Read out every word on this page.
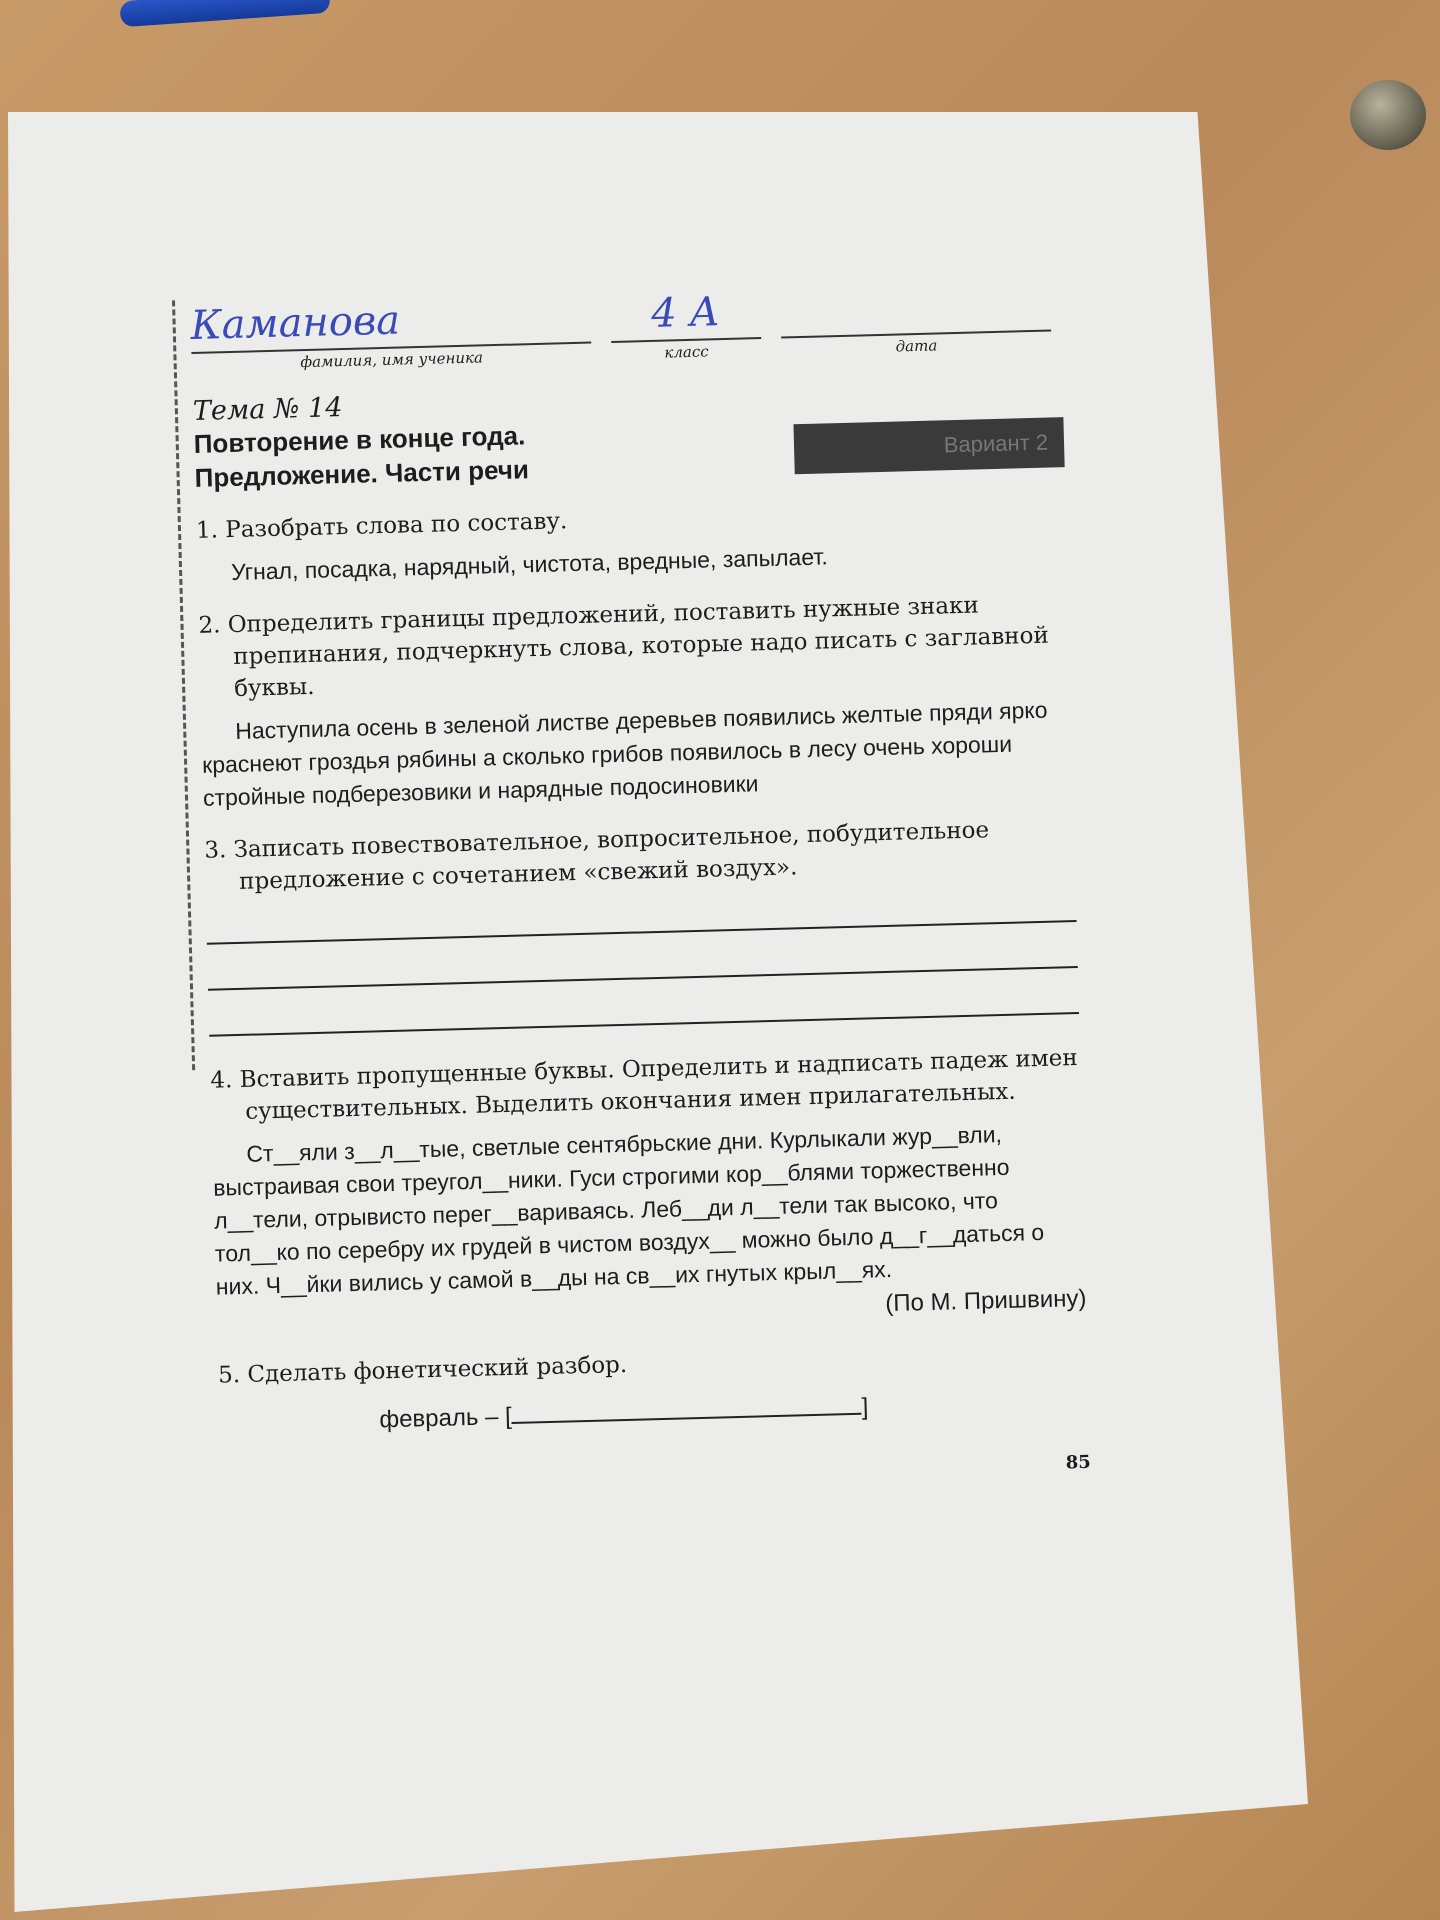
Каманова
фамилия, имя ученика
4 А
класс	дата
Тема № 14
Повторение в конце года.
Предложение. Части речи
Вариант 2
1. Разобрать слова по составу.
Угнал, посадка, нарядный, чистота, вредные, запылает.
2. Определить границы предложений, поставить нужные знаки препинания, подчеркнуть слова, которые надо писать с заглавной буквы.
Наступила осень в зеленой листве деревьев появились желтые пряди ярко краснеют гроздья рябины а сколько грибов появилось в лесу очень хороши стройные подберезовики и нарядные подосиновики
3. Записать повествовательное, вопросительное, побудительное предложение с сочетанием «свежий воздух».
4. Вставить пропущенные буквы. Определить и надписать падеж имен существительных. Выделить окончания имен прилагательных.
Ст__яли з__л__тые, светлые сентябрьские дни. Курлыкали жур__вли, выстраивая свои треугол__ники. Гуси строгими кор__блями торжественно л__тели, отрывисто перег__вариваясь. Леб__ди л__тели так высоко, что тол__ко по серебру их грудей в чистом воздух__ можно было д__г__даться о них. Ч__йки вились у самой в__ды на св__их гнутых крыл__ях.
(По М. Пришвину)
5. Сделать фонетический разбор.
февраль – [	]
85
